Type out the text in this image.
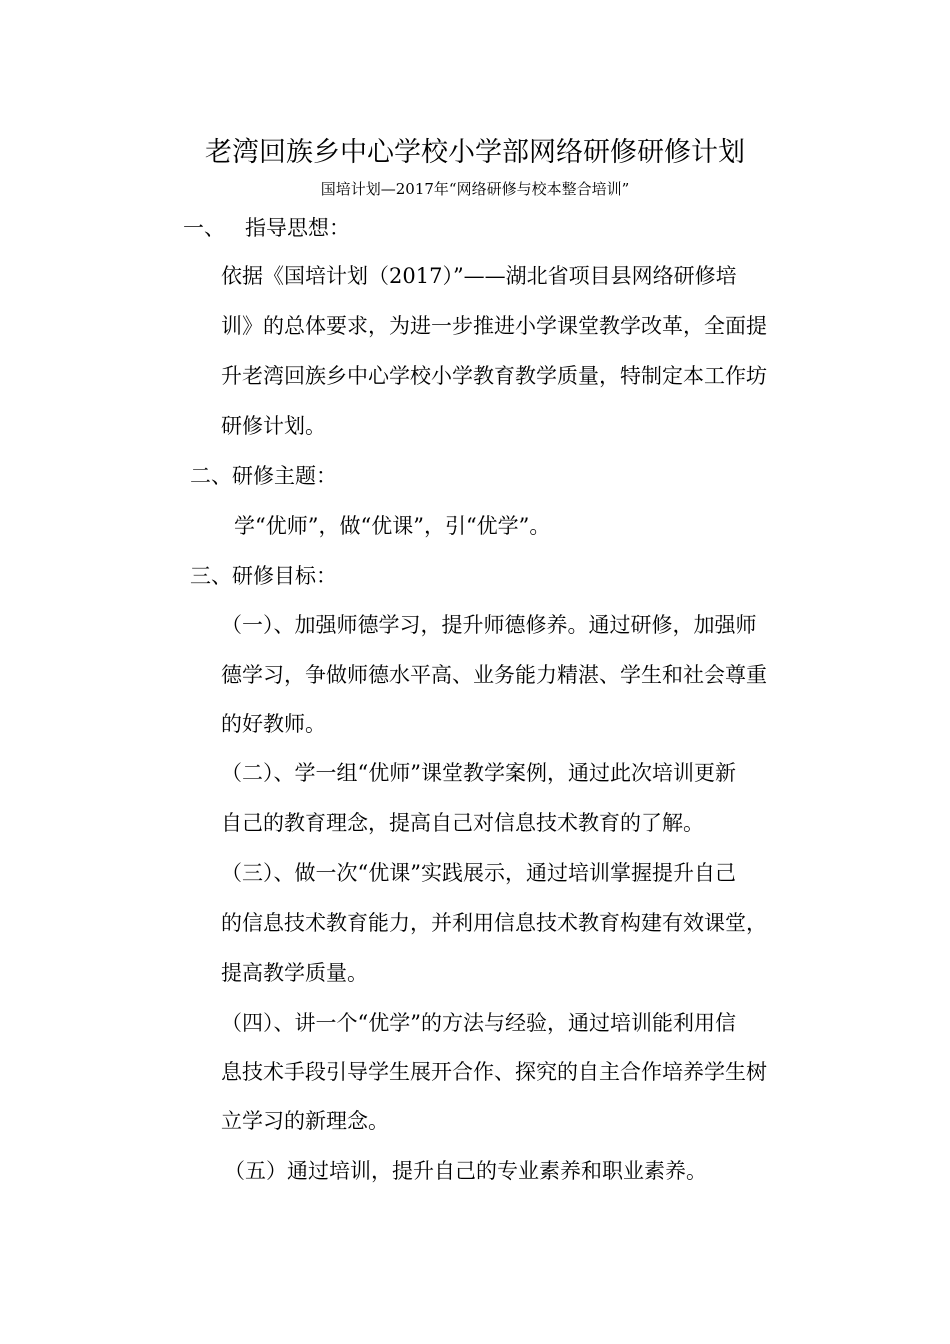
老湾回族乡中心学校小学部网络研修研修计划
国培计划—2017年“网络研修与校本整合培训”
一、 指导思想：
依据《国培计划（2017）”——湖北省项目县网络研修培
训》的总体要求，为进一步推进小学课堂教学改革，全面提
升老湾回族乡中心学校小学教育教学质量，特制定本工作坊
研修计划。
二、研修主题：
学“优师”，做“优课”，引“优学”。
三、研修目标：
（一）、加强师德学习，提升师德修养。通过研修，加强师
德学习，争做师德水平高、业务能力精湛、学生和社会尊重
的好教师。
（二）、学一组“优师”课堂教学案例，通过此次培训更新
自己的教育理念，提高自己对信息技术教育的了解。
（三）、做一次“优课”实践展示，通过培训掌握提升自己
的信息技术教育能力，并利用信息技术教育构建有效课堂，
提高教学质量。
（四）、讲一个“优学”的方法与经验，通过培训能利用信
息技术手段引导学生展开合作、探究的自主合作培养学生树
立学习的新理念。
（五）通过培训，提升自己的专业素养和职业素养。
